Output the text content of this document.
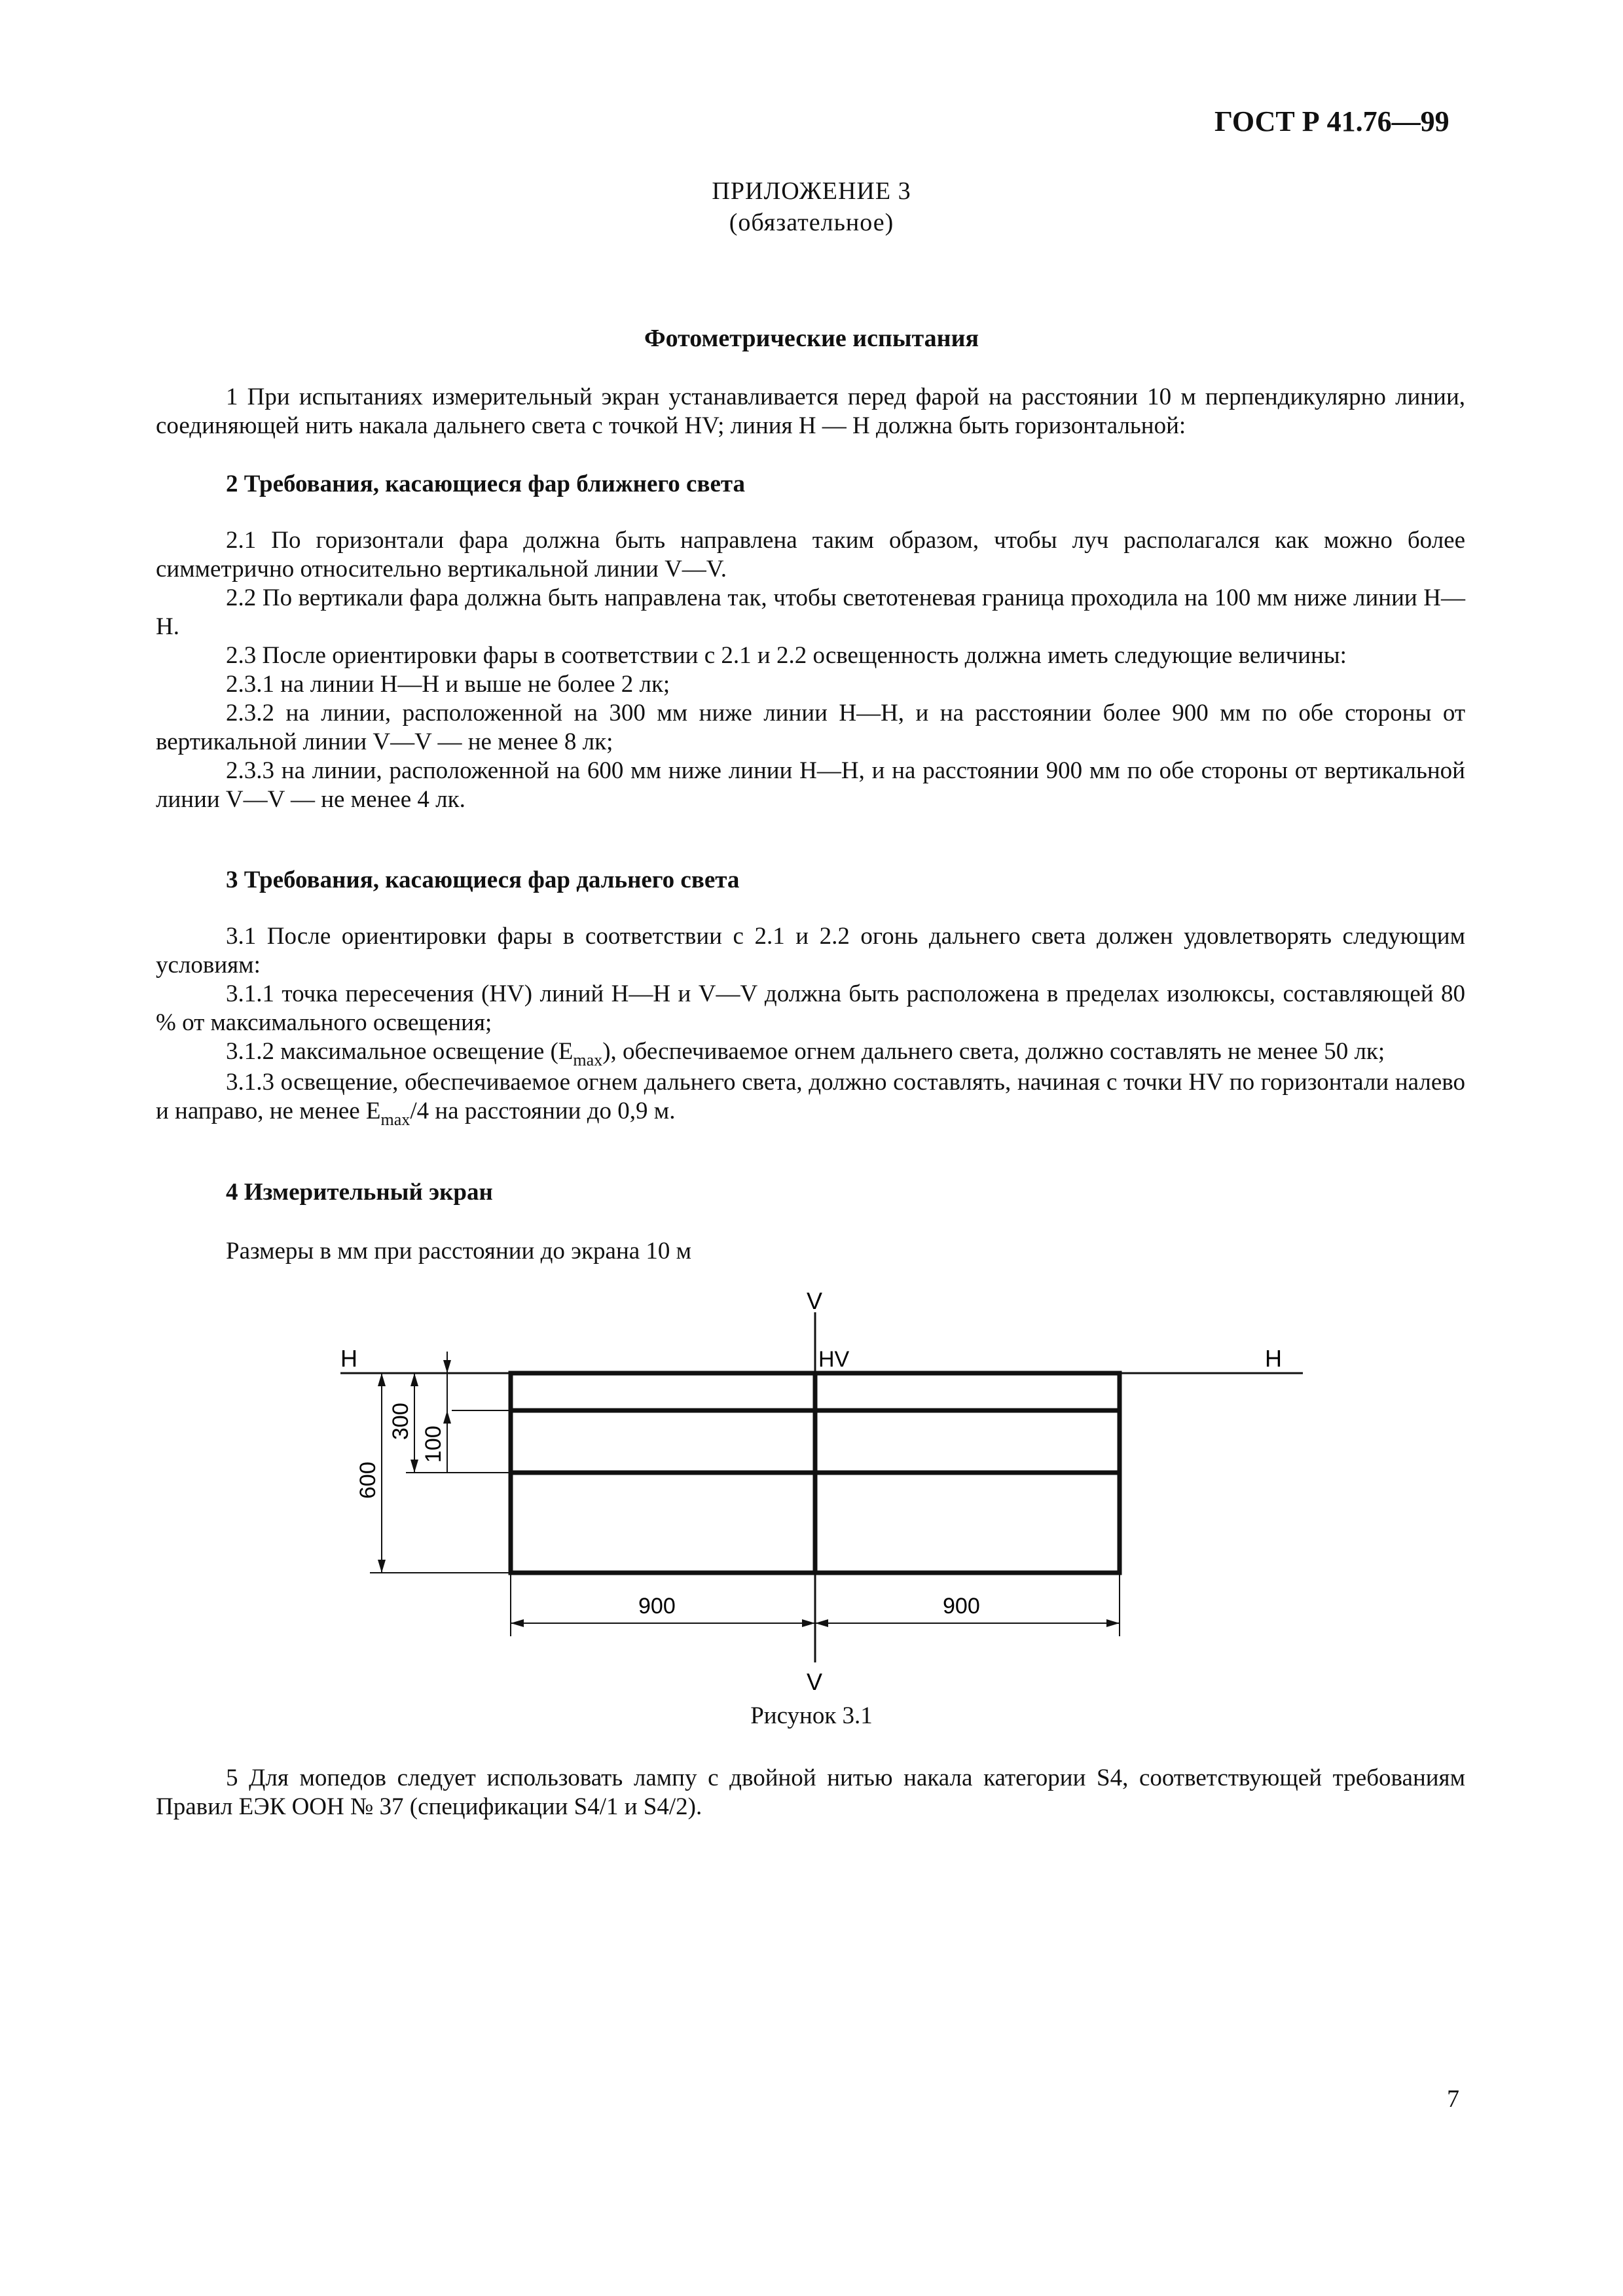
ГОСТ Р 41.76—99
ПРИЛОЖЕНИЕ 3
(обязательное)
Фотометрические испытания

1 При испытаниях измерительный экран устанавливается перед фарой на расстоянии 10 м перпендикулярно линии, соединяющей нить накала дальнего света с точкой HV; линия H — H должна быть горизонтальной:

2 Требования, касающиеся фар ближнего света

2.1 По горизонтали фара должна быть направлена таким образом, чтобы луч располагался как можно более симметрично относительно вертикальной линии V—V.

2.2 По вертикали фара должна быть направлена так, чтобы светотеневая граница проходила на 100 мм ниже линии H—H.

2.3 После ориентировки фары в соответствии с 2.1 и 2.2 освещенность должна иметь следующие величины:

2.3.1 на линии H—H и выше не более 2 лк;

2.3.2 на линии, расположенной на 300 мм ниже линии H—H, и на расстоянии более 900 мм по обе стороны от вертикальной линии V—V — не менее 8 лк;

2.3.3 на линии, расположенной на 600 мм ниже линии H—H, и на расстоянии 900 мм по обе стороны от вертикальной линии V—V — не менее 4 лк.

3 Требования, касающиеся фар дальнего света

3.1 После ориентировки фары в соответствии с 2.1 и 2.2 огонь дальнего света должен удовлетворять следующим условиям:

3.1.1 точка пересечения (HV) линий H—H и V—V должна быть расположена в пределах изолюксы, составляющей 80 % от максимального освещения;

3.1.2 максимальное освещение $(E_{max})$, обеспечиваемое огнем дальнего света, должно составлять не менее 50 лк;

3.1.3 освещение, обеспечиваемое огнем дальнего света, должно составлять, начиная с точки HV по горизонтали налево и направо, не менее $E_{max}/4$ на расстоянии до 0,9 м.

4 Измерительный экран

Размеры в мм при расстоянии до экрана 10 м

H	H
V
V
HV
900	900
600
300
100
Рисунок 3.1

5 Для мопедов следует использовать лампу с двойной нитью накала категории S4, соответствующей требованиям Правил ЕЭК ООН № 37 (спецификации S4/1 и S4/2).

7
